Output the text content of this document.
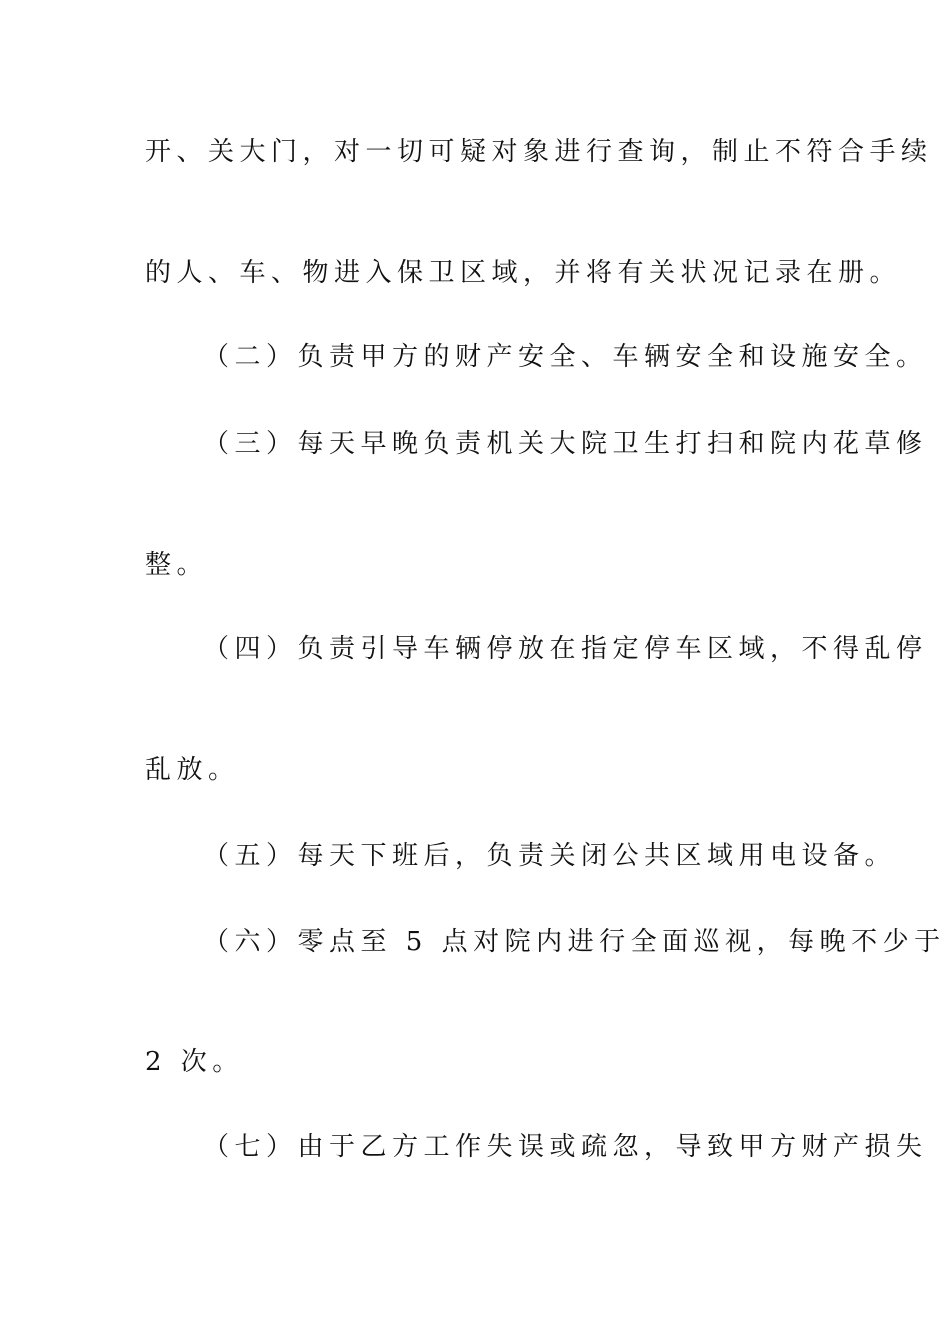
开、关大门，对一切可疑对象进行查询，制止不符合手续
的人、车、物进入保卫区域，并将有关状况记录在册。
（二）负责甲方的财产安全、车辆安全和设施安全。
（三）每天早晚负责机关大院卫生打扫和院内花草修
整。
（四）负责引导车辆停放在指定停车区域，不得乱停
乱放。
（五）每天下班后，负责关闭公共区域用电设备。
（六）零点至 5 点对院内进行全面巡视，每晚不少于
2 次。
（七）由于乙方工作失误或疏忽，导致甲方财产损失
